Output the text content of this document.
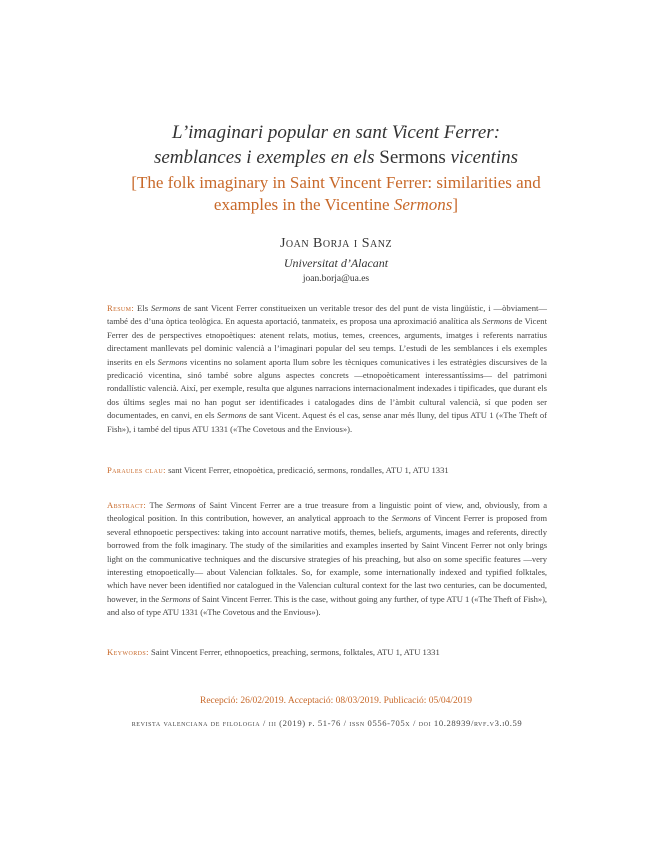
L’imaginari popular en sant Vicent Ferrer:
semblances i exemples en els Sermons vicentins
[The folk imaginary in Saint Vincent Ferrer: similarities and
examples in the Vicentine Sermons]
Joan Borja i Sanz
Universitat d’Alacant
joan.borja@ua.es

Resum: Els Sermons de sant Vicent Ferrer constitueixen un veritable tresor des del punt de vista lingüístic, i —òbviament— també des d’una òptica teològica. En aquesta aportació, tanmateix, es proposa una aproximació analítica als Sermons de Vicent Ferrer des de perspectives etnopoètiques: atenent relats, motius, temes, creences, arguments, imatges i referents narratius directament manllevats pel dominic valencià a l’imaginari popular del seu temps. L’estudi de les semblances i els exemples inserits en els Sermons vicentins no solament aporta llum sobre les tècniques comunicatives i les estratègies discursives de la predicació vicentina, sinó també sobre alguns aspectes concrets —etnopoèticament interessantíssims— del patrimoni rondallístic valencià. Així, per exemple, resulta que algunes narracions internacionalment indexades i tipificades, que durant els dos últims segles mai no han pogut ser identificades i catalogades dins de l’àmbit cultural valencià, sí que poden ser documentades, en canvi, en els Sermons de sant Vicent. Aquest és el cas, sense anar més lluny, del tipus ATU 1 («The Theft of Fish»), i també del tipus ATU 1331 («The Covetous and the Envious»).

Paraules clau: sant Vicent Ferrer, etnopoètica, predicació, sermons, rondalles, ATU 1, ATU 1331

Abstract: The Sermons of Saint Vincent Ferrer are a true treasure from a linguistic point of view, and, obviously, from a theological position. In this contribution, however, an analytical approach to the Sermons of Vincent Ferrer is proposed from several ethnopoetic perspectives: taking into account narrative motifs, themes, beliefs, arguments, images and referents, directly borrowed from the folk imaginary. The study of the similarities and examples inserted by Saint Vincent Ferrer not only brings light on the communicative techniques and the discursive strategies of his preaching, but also on some specific features —very interesting etnopoetically— about Valencian folktales. So, for example, some internationally indexed and typified folktales, which have never been identified nor catalogued in the Valencian cultural context for the last two centuries, can be documented, however, in the Sermons of Saint Vincent Ferrer. This is the case, without going any further, of type ATU 1 («The Theft of Fish»), and also of type ATU 1331 («The Covetous and the Envious»).

Keywords: Saint Vincent Ferrer, ethnopoetics, preaching, sermons, folktales, ATU 1, ATU 1331

Recepció: 26/02/2019. Acceptació: 08/03/2019. Publicació: 05/04/2019
revista valenciana de filologia / iii (2019) p. 51-76 / issn 0556-705x / doi 10.28939/rvf.v3.i0.59
